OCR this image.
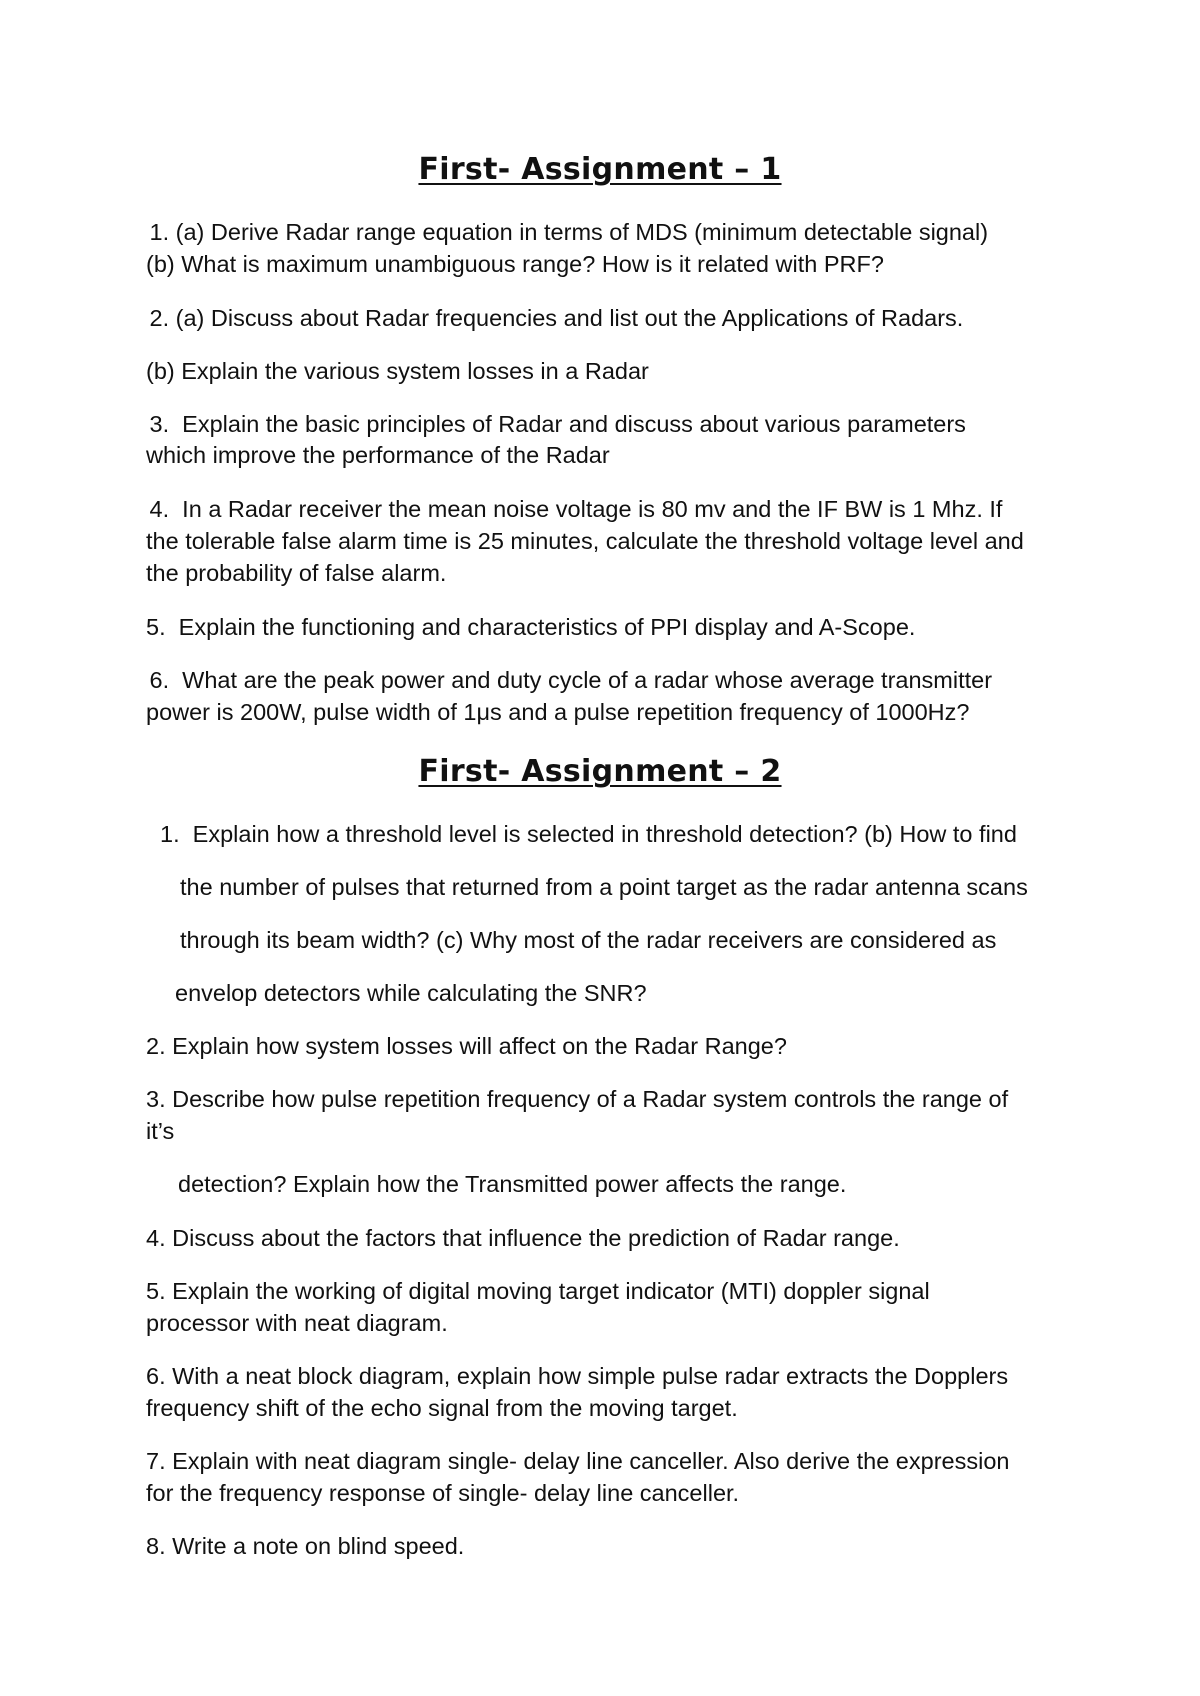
First- Assignment – 1

1. (a) Derive Radar range equation in terms of MDS (minimum detectable signal)

(b) What is maximum unambiguous range? How is it related with PRF?

2. (a) Discuss about Radar frequencies and list out the Applications of Radars.

(b) Explain the various system losses in a Radar

3.  Explain the basic principles of Radar and discuss about various parameters

which improve the performance of the Radar

4.  In a Radar receiver the mean noise voltage is 80 mv and the IF BW is 1 Mhz. If

the tolerable false alarm time is 25 minutes, calculate the threshold voltage level and

the probability of false alarm.

5.  Explain the functioning and characteristics of PPI display and A-Scope.

6.  What are the peak power and duty cycle of a radar whose average transmitter

power is 200W, pulse width of 1μs and a pulse repetition frequency of 1000Hz?

First- Assignment – 2

1.  Explain how a threshold level is selected in threshold detection? (b) How to find

the number of pulses that returned from a point target as the radar antenna scans

through its beam width? (c) Why most of the radar receivers are considered as

envelop detectors while calculating the SNR?

2. Explain how system losses will affect on the Radar Range?

3. Describe how pulse repetition frequency of a Radar system controls the range of

it’s

detection? Explain how the Transmitted power affects the range.

4. Discuss about the factors that influence the prediction of Radar range.

5. Explain the working of digital moving target indicator (MTI) doppler signal

processor with neat diagram.

6. With a neat block diagram, explain how simple pulse radar extracts the Dopplers

frequency shift of the echo signal from the moving target.

7. Explain with neat diagram single- delay line canceller. Also derive the expression

for the frequency response of single- delay line canceller.

8. Write a note on blind speed.
